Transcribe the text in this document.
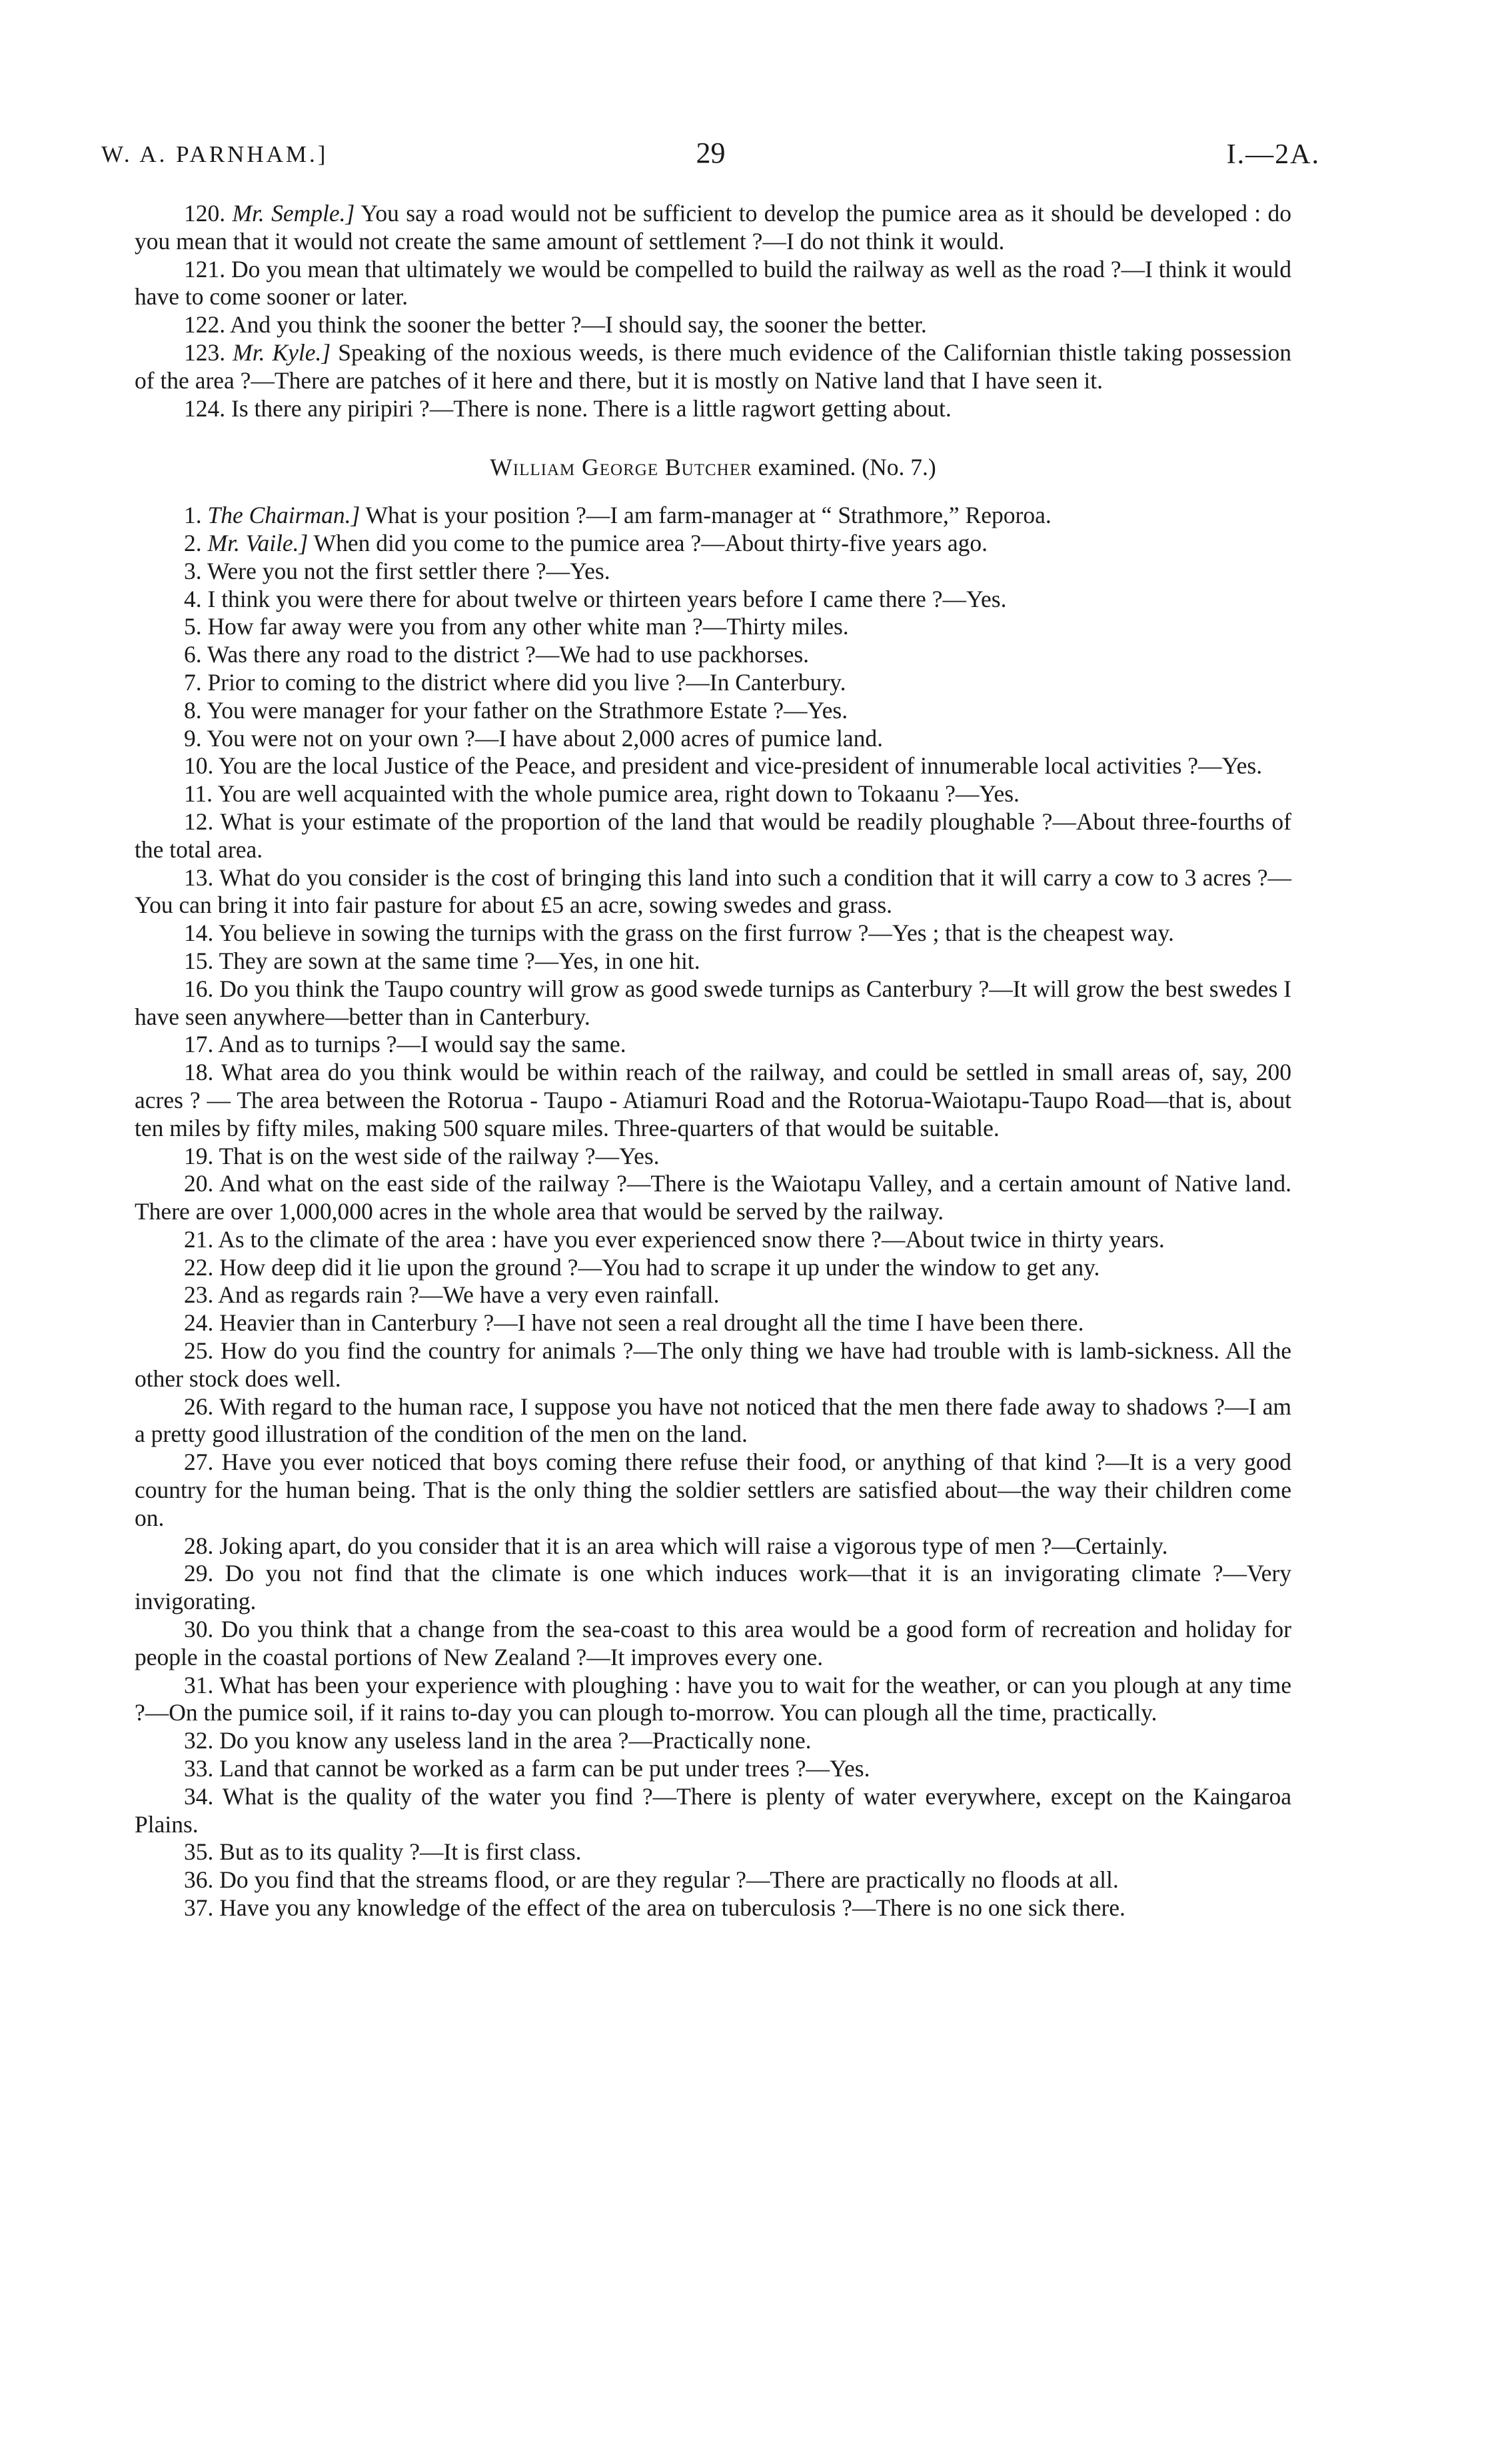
W. A. PARNHAM.]	29	I.—2A.

120. Mr. Semple.] You say a road would not be sufficient to develop the pumice area as it should be developed : do you mean that it would not create the same amount of settlement ?—I do not think it would.

121. Do you mean that ultimately we would be compelled to build the railway as well as the road ?—I think it would have to come sooner or later.

122. And you think the sooner the better ?—I should say, the sooner the better.

123. Mr. Kyle.] Speaking of the noxious weeds, is there much evidence of the Californian thistle taking possession of the area ?—There are patches of it here and there, but it is mostly on Native land that I have seen it.

124. Is there any piripiri ?—There is none. There is a little ragwort getting about.

William George Butcher examined. (No. 7.)

1. The Chairman.] What is your position ?—I am farm-manager at “ Strathmore,” Reporoa.

2. Mr. Vaile.] When did you come to the pumice area ?—About thirty-five years ago.

3. Were you not the first settler there ?—Yes.

4. I think you were there for about twelve or thirteen years before I came there ?—Yes.

5. How far away were you from any other white man ?—Thirty miles.

6. Was there any road to the district ?—We had to use packhorses.

7. Prior to coming to the district where did you live ?—In Canterbury.

8. You were manager for your father on the Strathmore Estate ?—Yes.

9. You were not on your own ?—I have about 2,000 acres of pumice land.

10. You are the local Justice of the Peace, and president and vice-president of innumerable local activities ?—Yes.

11. You are well acquainted with the whole pumice area, right down to Tokaanu ?—Yes.

12. What is your estimate of the proportion of the land that would be readily ploughable ?—About three-fourths of the total area.

13. What do you consider is the cost of bringing this land into such a condition that it will carry a cow to 3 acres ?—You can bring it into fair pasture for about £5 an acre, sowing swedes and grass.

14. You believe in sowing the turnips with the grass on the first furrow ?—Yes ; that is the cheapest way.

15. They are sown at the same time ?—Yes, in one hit.

16. Do you think the Taupo country will grow as good swede turnips as Canterbury ?—It will grow the best swedes I have seen anywhere—better than in Canterbury.

17. And as to turnips ?—I would say the same.

18. What area do you think would be within reach of the railway, and could be settled in small areas of, say, 200 acres ? — The area between the Rotorua - Taupo - Atiamuri Road and the Rotorua-Waiotapu-Taupo Road—that is, about ten miles by fifty miles, making 500 square miles. Three-quarters of that would be suitable.

19. That is on the west side of the railway ?—Yes.

20. And what on the east side of the railway ?—There is the Waiotapu Valley, and a certain amount of Native land. There are over 1,000,000 acres in the whole area that would be served by the railway.

21. As to the climate of the area : have you ever experienced snow there ?—About twice in thirty years.

22. How deep did it lie upon the ground ?—You had to scrape it up under the window to get any.

23. And as regards rain ?—We have a very even rainfall.

24. Heavier than in Canterbury ?—I have not seen a real drought all the time I have been there.

25. How do you find the country for animals ?—The only thing we have had trouble with is lamb-sickness. All the other stock does well.

26. With regard to the human race, I suppose you have not noticed that the men there fade away to shadows ?—I am a pretty good illustration of the condition of the men on the land.

27. Have you ever noticed that boys coming there refuse their food, or anything of that kind ?—It is a very good country for the human being. That is the only thing the soldier settlers are satisfied about—the way their children come on.

28. Joking apart, do you consider that it is an area which will raise a vigorous type of men ?—Certainly.

29. Do you not find that the climate is one which induces work—that it is an invigorating climate ?—Very invigorating.

30. Do you think that a change from the sea-coast to this area would be a good form of recreation and holiday for people in the coastal portions of New Zealand ?—It improves every one.

31. What has been your experience with ploughing : have you to wait for the weather, or can you plough at any time ?—On the pumice soil, if it rains to-day you can plough to-morrow. You can plough all the time, practically.

32. Do you know any useless land in the area ?—Practically none.

33. Land that cannot be worked as a farm can be put under trees ?—Yes.

34. What is the quality of the water you find ?—There is plenty of water everywhere, except on the Kaingaroa Plains.

35. But as to its quality ?—It is first class.

36. Do you find that the streams flood, or are they regular ?—There are practically no floods at all.

37. Have you any knowledge of the effect of the area on tuberculosis ?—There is no one sick there.
